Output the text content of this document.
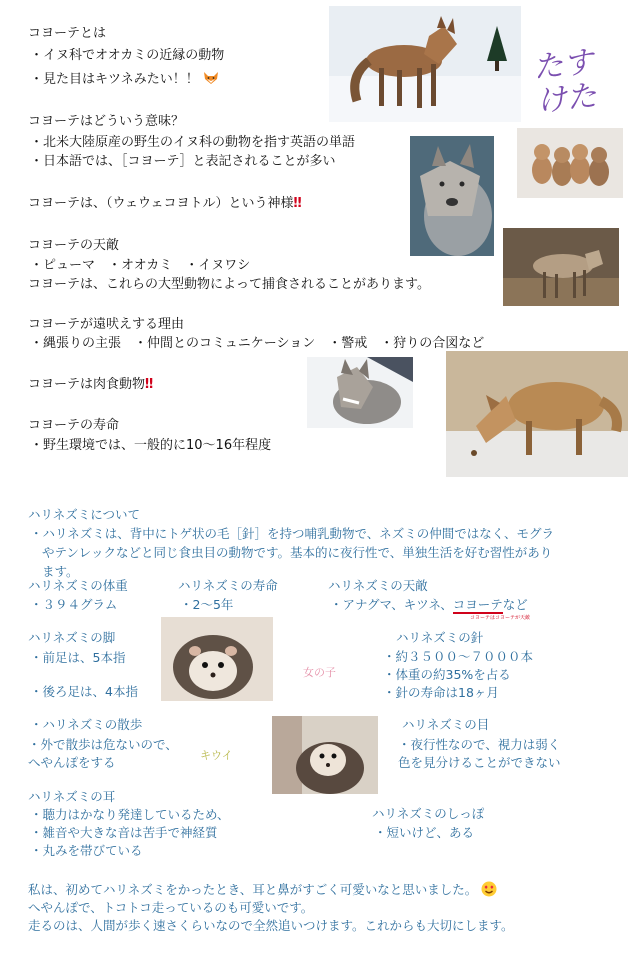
コヨーテとは
・イヌ科でオオカミの近縁の動物
・見た目はキツネみたい！！
コヨーテはどういう意味？
・北米大陸原産の野生のイヌ科の動物を指す英語の単語
・日本語では、［コヨーテ］と表記されることが多い
コヨーテは、（ウェウェコヨトル）という神様‼
コヨーテの天敵
・ピューマ　・オオカミ　・イヌワシ
コヨーテは、これらの大型動物によって捕食されることがあります。
コヨーテが遠吠えする理由
・縄張りの主張　・仲間とのコミュニケーション　・警戒　・狩りの合図など
コヨーテは肉食動物‼
コヨーテの寿命
・野生環境では、一般的に10〜16年程度
たすけた
ハリネズミについて
・ハリネズミは、背中にトゲ状の毛［針］を持つ哺乳動物で、ネズミの仲間ではなく、モグラ
やテンレックなどと同じ食虫目の動物です。基本的に夜行性で、単独生活を好む習性があり
ます。
ハリネズミの体重
・３９４グラム
ハリネズミの寿命
・2〜5年
ハリネズミの天敵
・アナグマ、キツネ、コヨーテなど
コヨーテはコヨーテが天敵
ハリネズミの脚
・前足は、5本指
・後ろ足は、4本指
女の子
ハリネズミの針
・約３５００〜７０００本
・体重の約35%を占る
・針の寿命は18ヶ月
・ハリネズミの散歩
・外で散歩は危ないので、
へやんぽをする	キウイ
ハリネズミの目
・夜行性なので、視力は弱く
色を見分けることができない
ハリネズミの耳
・聴力はかなり発達しているため、
・雑音や大きな音は苦手で神経質
・丸みを帯びている
ハリネズミのしっぽ
・短いけど、ある
私は、初めてハリネズミをかったとき、耳と鼻がすごく可愛いなと思いました。
へやんぽで、トコトコ走っているのも可愛いです。
走るのは、人間が歩く速さくらいなので全然追いつけます。これからも大切にします。
